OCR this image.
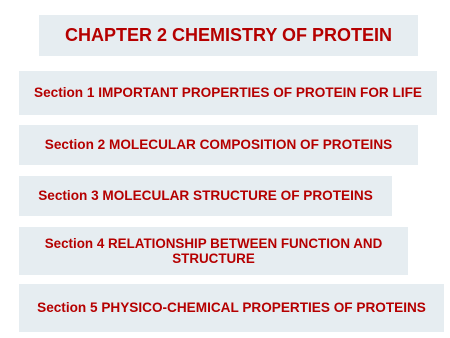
CHAPTER 2 CHEMISTRY OF PROTEIN
Section 1 IMPORTANT PROPERTIES OF PROTEIN FOR LIFE
Section 2 MOLECULAR COMPOSITION OF PROTEINS
Section 3 MOLECULAR STRUCTURE OF PROTEINS
Section 4 RELATIONSHIP BETWEEN FUNCTION AND STRUCTURE
Section 5 PHYSICO-CHEMICAL PROPERTIES OF PROTEINS
